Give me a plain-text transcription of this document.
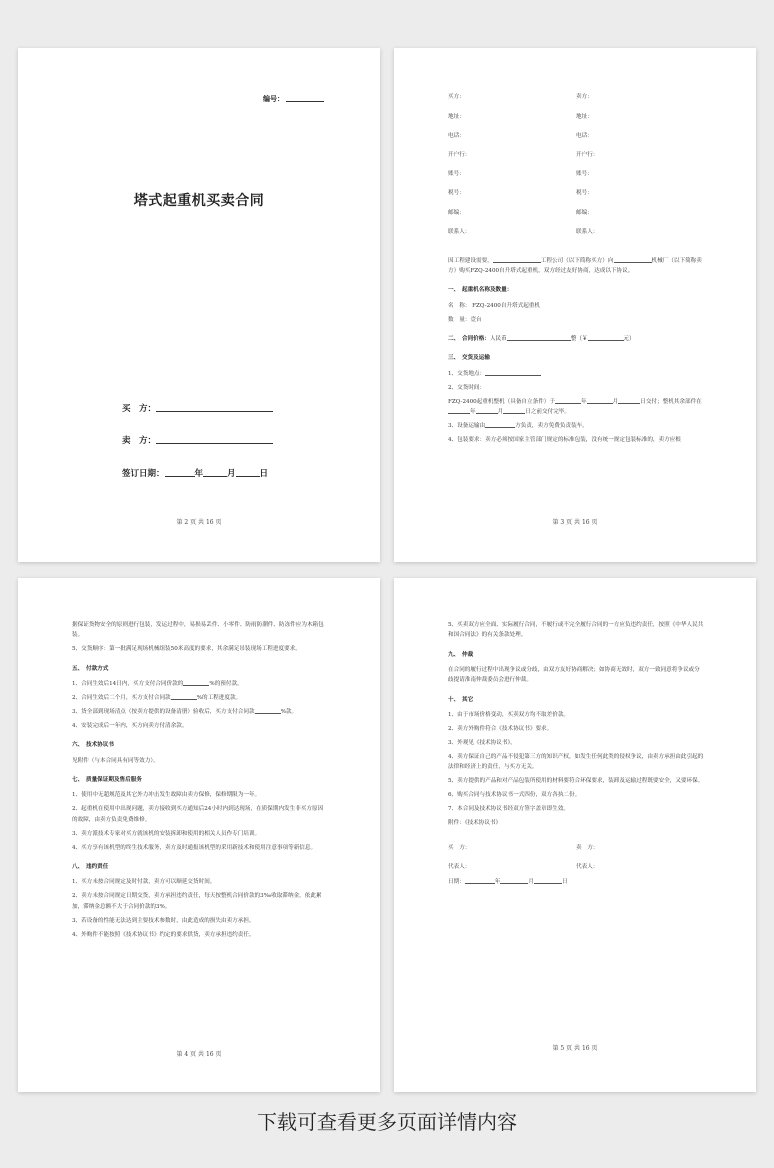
编号：
塔式起重机买卖合同
买　方：
卖　方：
签订日期：	年	月	日
第 2 页 共 16 页
买方：	卖方：
地址：	地址：
电话：	电话：
开户行：	开户行：
账号：	账号：
税号：	税号：
邮编：	邮编：
联系人：	联系人：

因工程建设需要，	工程公司（以下简称买方）向	机械厂（以下简称卖方）购买FZQ-2400自升塔式起重机。双方经过友好协商，达成以下协议。

一、　起重机名称及数量：

名　称： FZQ-2400自升塔式起重机

数　量：壹台

二、　合同价格：人民币	整（￥	元）

三、　交货及运输

1、交货地点：

2、交货时间：

FZQ-2400起重机整机（具备自立条件）于	年	月	日交付；整机其余部件在年	月	日之前交付完毕。

3、设备运输由	方负责，卖方免费负责装车。

4、包装要求：卖方必须按国家主管部门规定的标准包装，没有统一规定包装标准的，卖方应根

第 3 页 共 16 页

据保证货物安全的原则进行包装，发运过程中，易损易丢件、小零件、防雨防潮件、防冻件应为木箱包装。

5、交货顺序：第一批满足现场机械组装50米高度的要求，其余满足吊装现场工程进度要求。

五、　付款方式

1、合同生效后14日内，买方支付合同价款的	%的预付款。

2、合同生效后二个月，买方支付合同款	%的工程进度款。

3、货全部到现场清点（按卖方提供的设备清册）验收后，买方支付合同款	%款。

4、安装完成后一年内，买方向卖方付清余款。

六、　技术协议书

见附件（与本合同具有同等效力）。

七、　质量保证期及售后服务

1、使用中无超规范及其它外力冲击发生故障由卖方保修，保修期限为一年。

2、起重机在使用中出现问题，卖方接收到买方通知后24小时内到达现场，在质保期内发生非买方原因的故障，由卖方负责免费维修。

3、卖方派技术专家对买方就该机的安装拆卸和使用的相关人员作专门培训。

4、买方享有该机型的终生技术服务，卖方及时通报该机型的采用新技术和使用注意事项等新信息。

八、　违约责任

1、买方未按合同规定及时付款，卖方可以顺延交货时间。

2、卖方未按合同规定日期交货，卖方承担违约责任，每天按整机合同价款的3‰收取滞纳金，依此累加，滞纳金总额不大于合同价款的3%。

3、若设备的性能无法达到主要技术参数时，由此造成的损失由卖方承担。

4、外购件不能按照《技术协议书》约定的要求供货，卖方承担违约责任。

第 4 页 共 16 页

5、买卖双方应全面、实际履行合同，不履行或不完全履行合同的一方应负违约责任，按照《中华人民共和国合同法》的有关条款处理。

九、　仲裁

在合同的履行过程中出现争议或分歧，由双方友好协商解决；如协商无效时，双方一致同意将争议或分歧提请淮南仲裁委员会进行仲裁。

十、　其它

1、由于市场价格变动，买卖双方均不取差价款。

2、卖方外购件符合《技术协议书》要求。

3、外观见《技术协议书》。

4、卖方保证自己的产品不侵犯第三方的知识产权，如发生任何此类的侵权争议，由卖方承担由此引起的法律和经济上的责任，与买方无关。

5、卖方提供的产品和对产品包装所使用的材料要符合环保要求，装卸及运输过程既要安全，又要环保。

6、购买合同与技术协议书一式四份，双方各执二份。

7、本合同及技术协议书经双方签字盖章即生效。

附件：《技术协议书》

买　方：	卖　方：
代表人：	代表人：

日期：	年	月	日

第 5 页 共 16 页
下载可查看更多页面详情内容
